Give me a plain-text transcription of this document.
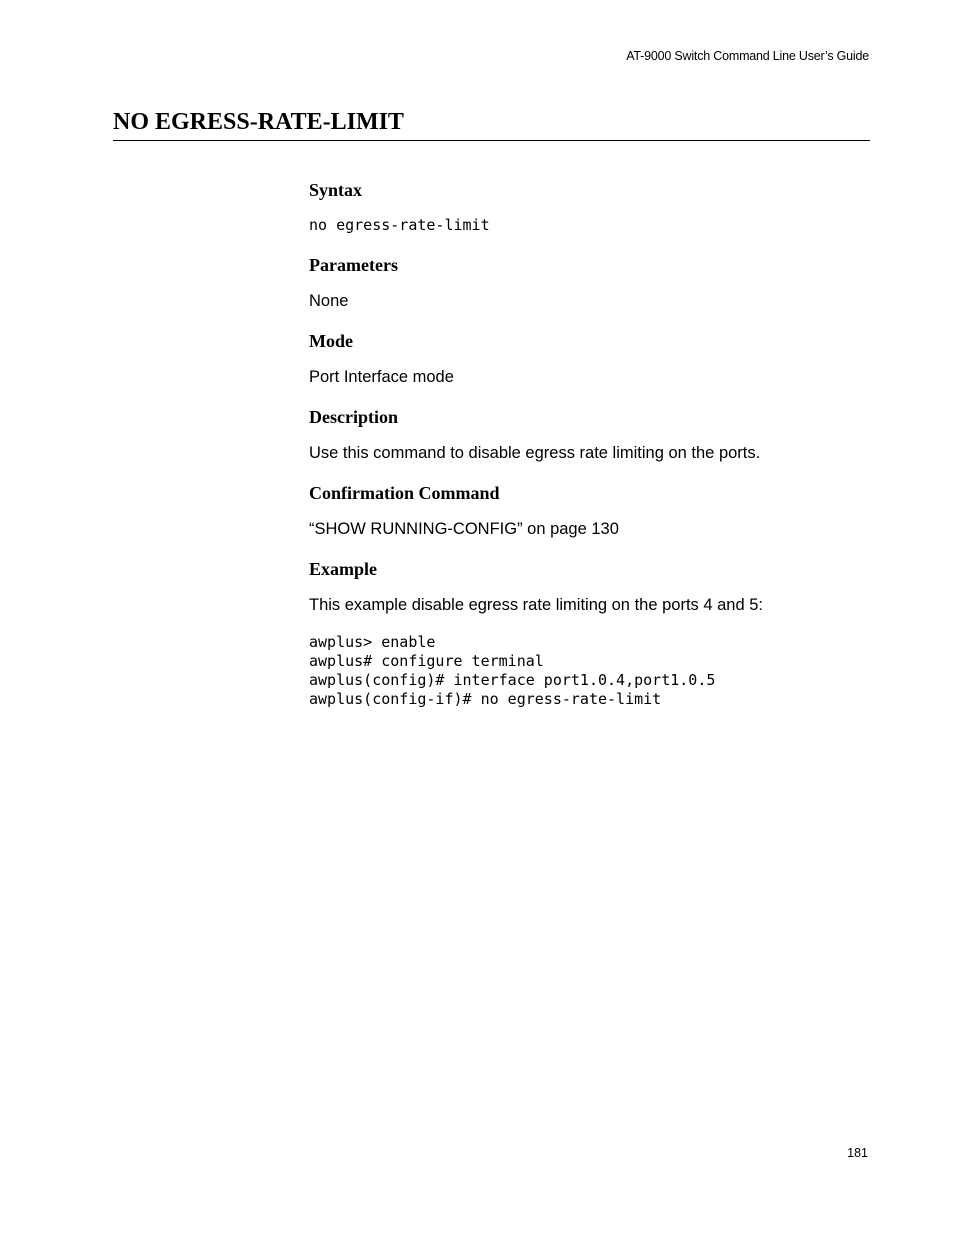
AT-9000 Switch Command Line User’s Guide
NO EGRESS-RATE-LIMIT
Syntax

no egress-rate-limit

Parameters

None

Mode

Port Interface mode

Description

Use this command to disable egress rate limiting on the ports.

Confirmation Command

“SHOW RUNNING-CONFIG” on page 130

Example

This example disable egress rate limiting on the ports 4 and 5:

awplus> enable
awplus# configure terminal
awplus(config)# interface port1.0.4,port1.0.5
awplus(config-if)# no egress-rate-limit
181
